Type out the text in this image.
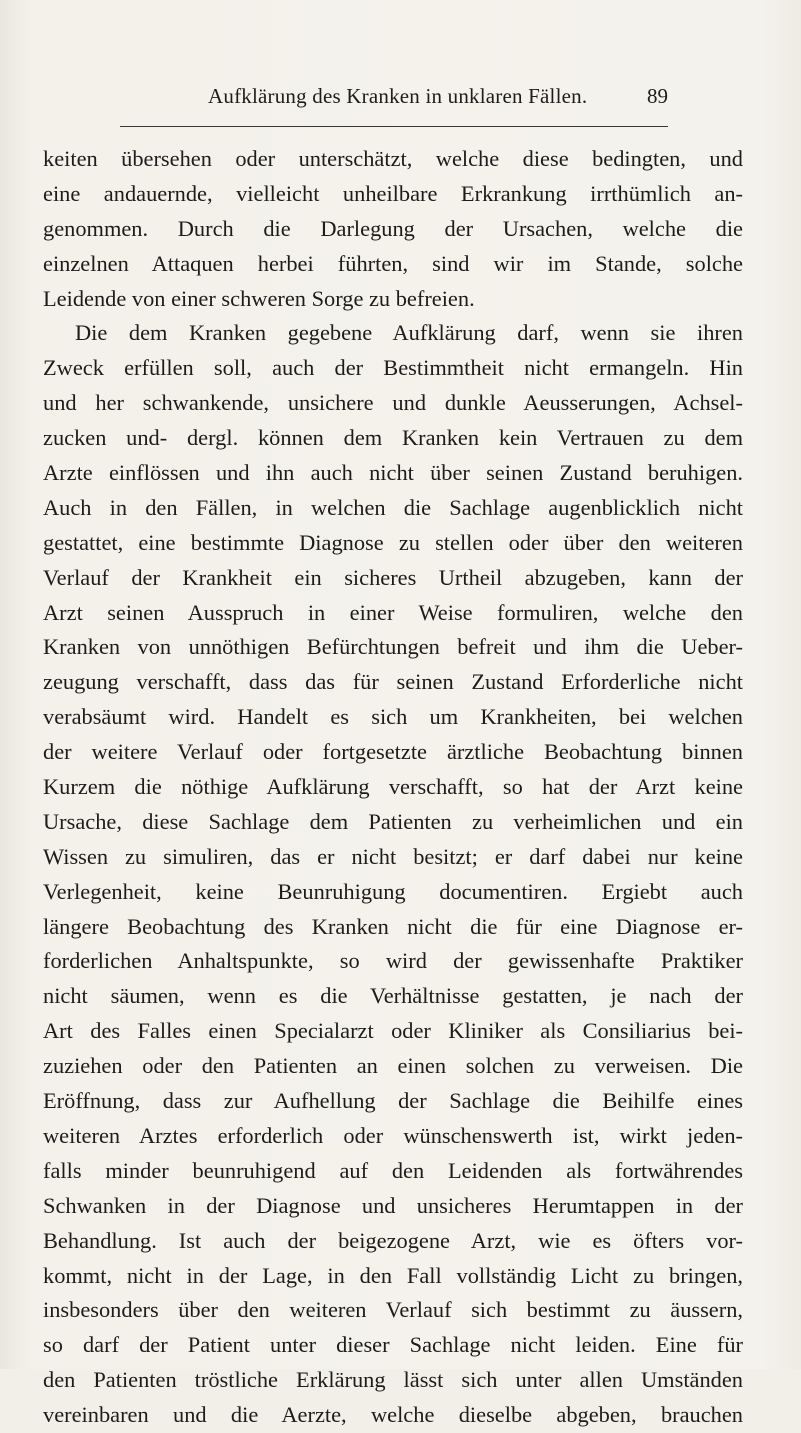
Aufklärung des Kranken in unklaren Fällen.	89
keiten übersehen oder unterschätzt, welche diese bedingten, und
eine andauernde, vielleicht unheilbare Erkrankung irrthümlich an-
genommen. Durch die Darlegung der Ursachen, welche die
einzelnen Attaquen herbei führten, sind wir im Stande, solche
Leidende von einer schweren Sorge zu befreien.
Die dem Kranken gegebene Aufklärung darf, wenn sie ihren
Zweck erfüllen soll, auch der Bestimmtheit nicht ermangeln. Hin
und her schwankende, unsichere und dunkle Aeusserungen, Achsel-
zucken und- dergl. können dem Kranken kein Vertrauen zu dem
Arzte einflössen und ihn auch nicht über seinen Zustand beruhigen.
Auch in den Fällen, in welchen die Sachlage augenblicklich nicht
gestattet, eine bestimmte Diagnose zu stellen oder über den weiteren
Verlauf der Krankheit ein sicheres Urtheil abzugeben, kann der
Arzt seinen Ausspruch in einer Weise formuliren, welche den
Kranken von unnöthigen Befürchtungen befreit und ihm die Ueber-
zeugung verschafft, dass das für seinen Zustand Erforderliche nicht
verabsäumt wird. Handelt es sich um Krankheiten, bei welchen
der weitere Verlauf oder fortgesetzte ärztliche Beobachtung binnen
Kurzem die nöthige Aufklärung verschafft, so hat der Arzt keine
Ursache, diese Sachlage dem Patienten zu verheimlichen und ein
Wissen zu simuliren, das er nicht besitzt; er darf dabei nur keine
Verlegenheit, keine Beunruhigung documentiren. Ergiebt auch
längere Beobachtung des Kranken nicht die für eine Diagnose er-
forderlichen Anhaltspunkte, so wird der gewissenhafte Praktiker
nicht säumen, wenn es die Verhältnisse gestatten, je nach der
Art des Falles einen Specialarzt oder Kliniker als Consiliarius bei-
zuziehen oder den Patienten an einen solchen zu verweisen. Die
Eröffnung, dass zur Aufhellung der Sachlage die Beihilfe eines
weiteren Arztes erforderlich oder wünschenswerth ist, wirkt jeden-
falls minder beunruhigend auf den Leidenden als fortwährendes
Schwanken in der Diagnose und unsicheres Herumtappen in der
Behandlung. Ist auch der beigezogene Arzt, wie es öfters vor-
kommt, nicht in der Lage, in den Fall vollständig Licht zu bringen,
insbesonders über den weiteren Verlauf sich bestimmt zu äussern,
so darf der Patient unter dieser Sachlage nicht leiden. Eine für
den Patienten tröstliche Erklärung lässt sich unter allen Umständen
vereinbaren und die Aerzte, welche dieselbe abgeben, brauchen
